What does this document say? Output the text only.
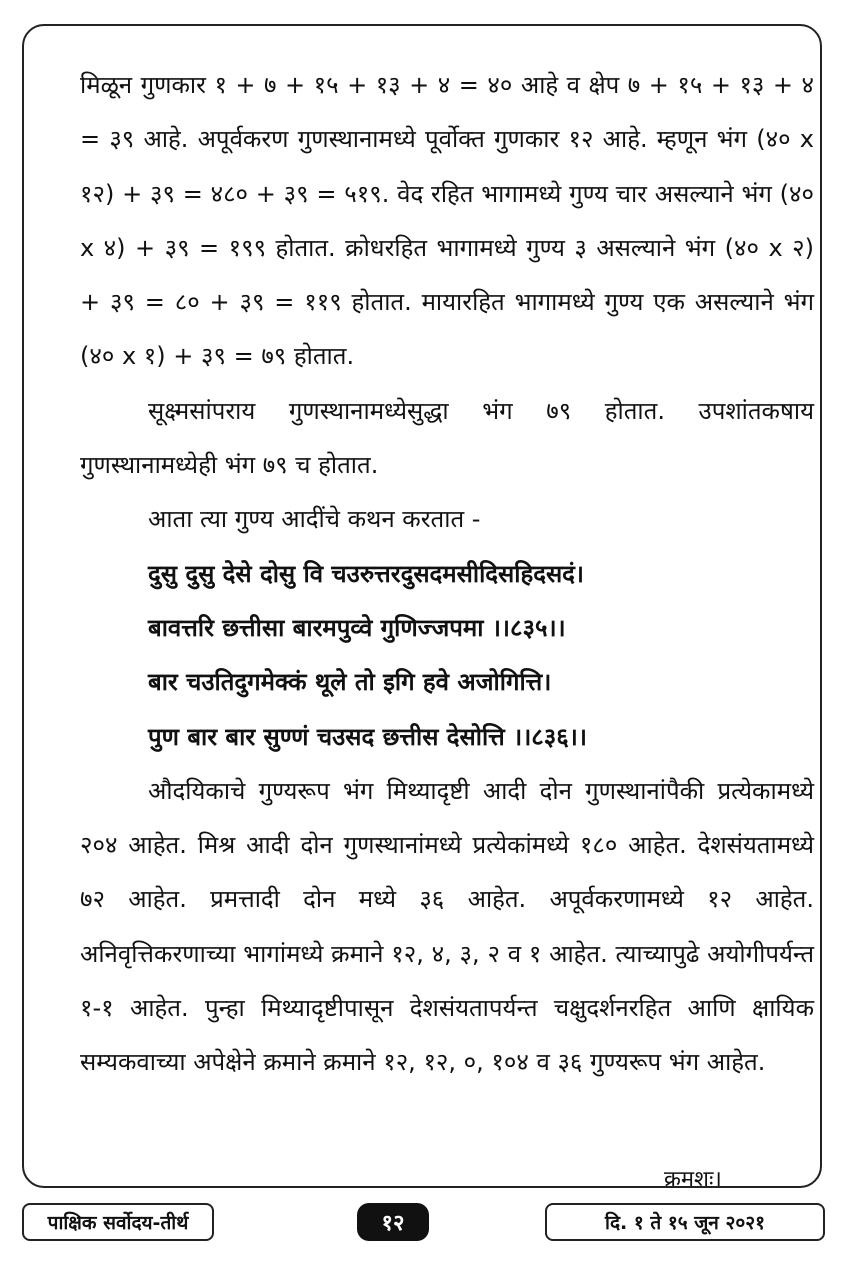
मिळून गुणकार १ + ७ + १५ + १३ + ४ = ४० आहे व क्षेप ७ + १५ + १३ + ४ = ३९ आहे. अपूर्वकरण गुणस्थानामध्ये पूर्वोक्त गुणकार १२ आहे. म्हणून भंग (४० x १२) + ३९ = ४८० + ३९ = ५१९. वेद रहित भागामध्ये गुण्य चार असल्याने भंग (४० x ४) + ३९ = १९९ होतात. क्रोधरहित भागामध्ये गुण्य ३ असल्याने भंग (४० x २) + ३९ = ८० + ३९ = ११९ होतात. मायारहित भागामध्ये गुण्य एक असल्याने भंग (४० x १) + ३९ = ७९ होतात.

सूक्ष्मसांपराय गुणस्थानामध्येसुद्धा भंग ७९ होतात. उपशांतकषाय गुणस्थानामध्येही भंग ७९ च होतात.

आता त्या गुण्य आदींचे कथन करतात -

दुसु दुसु देसे दोसु वि चउरुत्तरदुसदमसीदिसहिदसदं।
बावत्तरि छत्तीसा बारमपुव्वे गुणिज्जपमा ।।८३५।।
बार चउतिदुगमेक्कं थूले तो इगि हवे अजोगित्ति।
पुण बार बार सुण्णं चउसद छत्तीस देसोत्ति ।।८३६।।

औदयिकाचे गुण्यरूप भंग मिथ्यादृष्टी आदी दोन गुणस्थानांपैकी प्रत्येकामध्ये २०४ आहेत. मिश्र आदी दोन गुणस्थानांमध्ये प्रत्येकांमध्ये १८० आहेत. देशसंयतामध्ये ७२ आहेत. प्रमत्तादी दोन मध्ये ३६ आहेत. अपूर्वकरणामध्ये १२ आहेत. अनिवृत्तिकरणाच्या भागांमध्ये क्रमाने १२, ४, ३, २ व १ आहेत. त्याच्यापुढे अयोगीपर्यन्त १-१ आहेत. पुन्हा मिथ्यादृष्टीपासून देशसंयतापर्यन्त चक्षुदर्शनरहित आणि क्षायिक सम्यकवाच्या अपेक्षेने क्रमाने क्रमाने १२, १२, ०, १०४ व ३६ गुण्यरूप भंग आहेत.

क्रमशः।
पाक्षिक सर्वोदय-तीर्थ	१२	दि. १ ते १५ जून २०२१
